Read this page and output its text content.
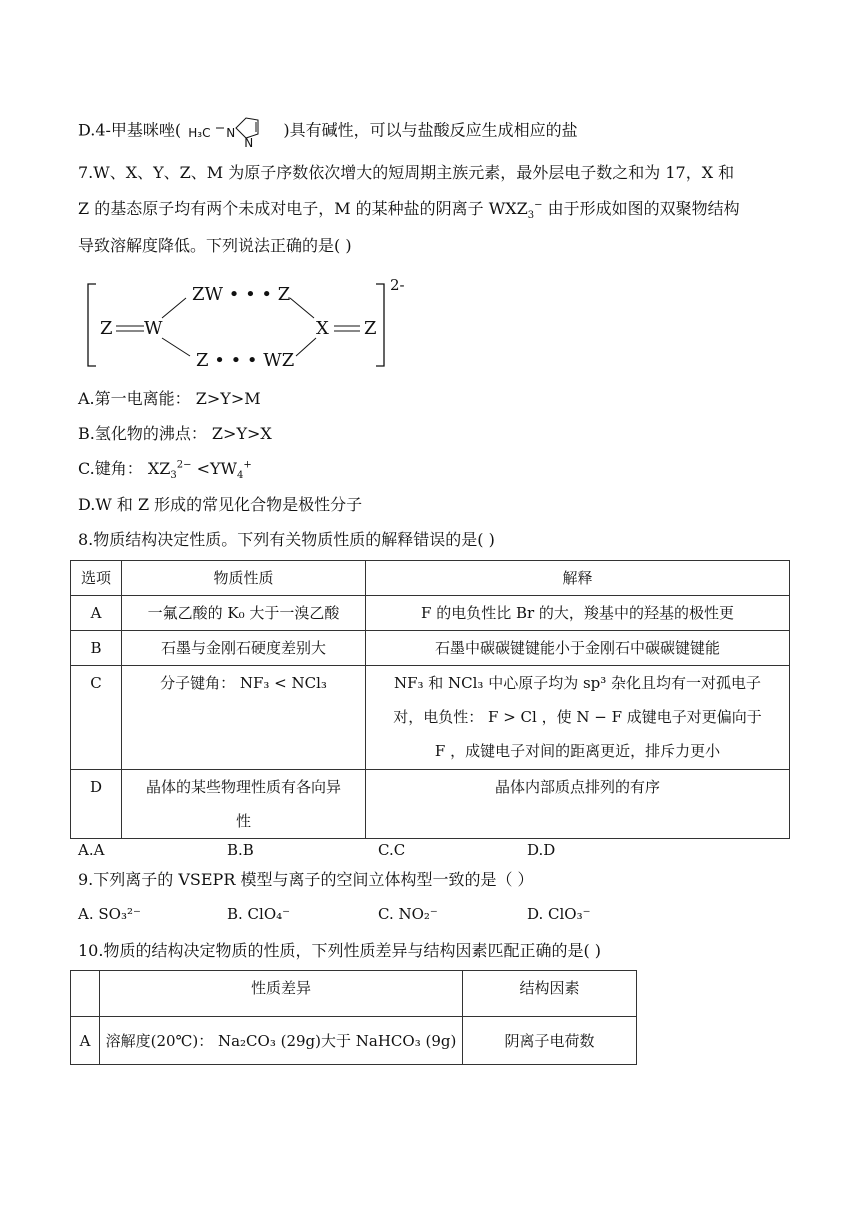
D.4-甲基咪唑( H₃C N
N
)具有碱性，可以与盐酸反应生成相应的盐
7.W、X、Y、Z、M 为原子序数依次增大的短周期主族元素，最外层电子数之和为 17，X 和
Z 的基态原子均有两个未成对电子，M 的某种盐的阴离子 $WXZ_3^-$ 由于形成如图的双聚物结构
导致溶解度降低。下列说法正确的是( )
Z W
ZW • • • Z
Z • • • WZ
X Z
2-
A.第一电离能： Z>Y>M
B.氢化物的沸点： Z>Y>X
C.键角： $XZ_3^{2-} <YW_4^+$
D.W 和 Z 形成的常见化合物是极性分子
8.物质结构决定性质。下列有关物质性质的解释错误的是( )
选项	物质性质	解释

A	一氟乙酸的 K₀ 大于一溴乙酸	F 的电负性比 Br 的大，羧基中的羟基的极性更

B	石墨与金刚石硬度差别大	石墨中碳碳键键能小于金刚石中碳碳键键能

C	分子键角： NF₃ < NCl₃	NF₃ 和 NCl₃ 中心原子均为 sp³ 杂化且均有一对孤电子
对，电负性： F > Cl ，使 N − F 成键电子对更偏向于
F ，成键电子对间的距离更近，排斥力更小

D	晶体的某些物理性质有各向异
性	晶体内部质点排列的有序
A.A	B.B	C.C	D.D
9.下列离子的 VSEPR 模型与离子的空间立体构型一致的是（ ）
A. SO₃²⁻	B. ClO₄⁻	C. NO₂⁻	D. ClO₃⁻
10.物质的结构决定物质的性质，下列性质差异与结构因素匹配正确的是( )

	性质差异	结构因素

A	溶解度(20℃)： Na₂CO₃ (29g)大于 NaHCO₃ (9g)	阴离子电荷数
